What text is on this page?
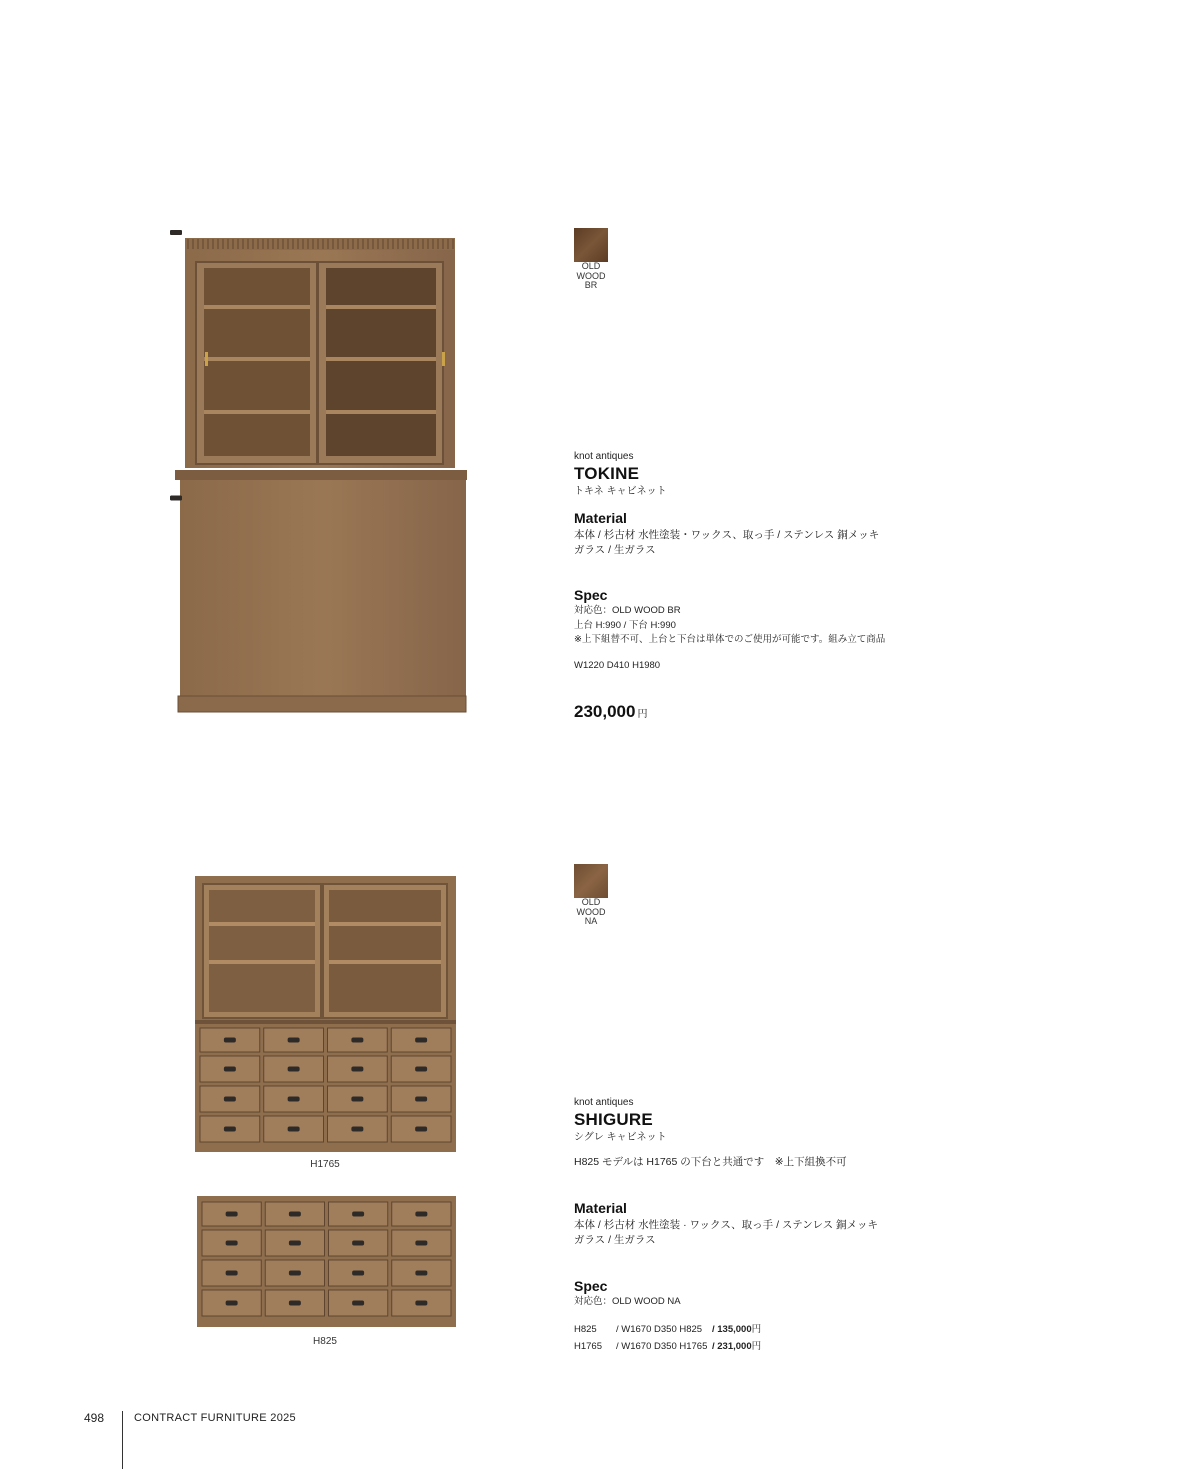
OLD
WOOD
BR
knot antiques
TOKINE
トキネ キャビネット
Material
本体 / 杉古材 水性塗装・ワックス、取っ手 / ステンレス 銅メッキ
ガラス / 生ガラス
Spec
対応色：OLD WOOD BR
上台 H:990 / 下台 H:990
※上下組替不可、上台と下台は単体でのご使用が可能です。組み立て商品
W1220 D410 H1980
230,000 円
H1765
H825
OLD
WOOD
NA
knot antiques
SHIGURE
シグレ キャビネット
H825 モデルは H1765 の下台と共通です　※上下組換不可
Material
本体 / 杉古材 水性塗装 · ワックス、取っ手 / ステンレス 銅メッキ
ガラス / 生ガラス
Spec
対応色：OLD WOOD NA
H825 / W1670 D350 H825 / 135,000円
H1765 / W1670 D350 H1765 / 231,000円
498	CONTRACT FURNITURE 2025
